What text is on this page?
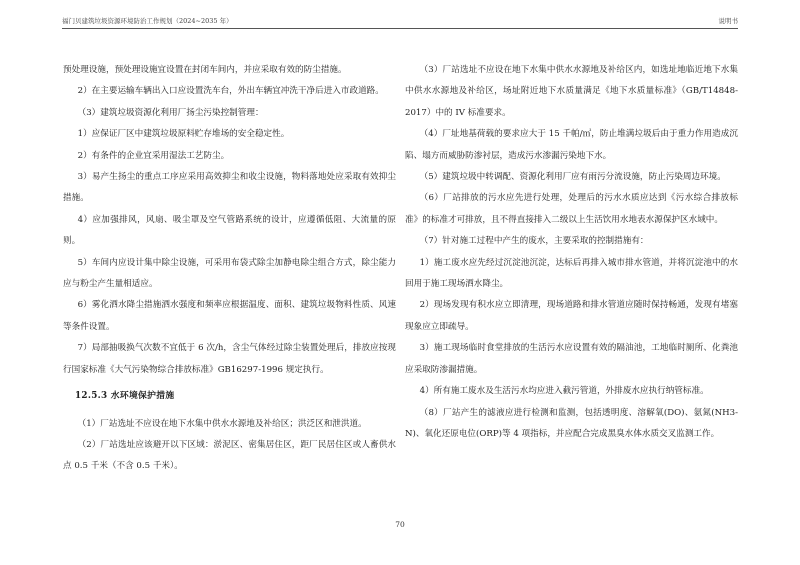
福门贝建筑垃圾资源环境防治工作规划（2024~2035 年）	说明书

预处理设施，预处理设施宜设置在封闭车间内，并应采取有效的防尘措施。

2）在主要运输车辆出入口应设置洗车台，外出车辆宜冲洗干净后进入市政道路。

（3）建筑垃圾资源化利用厂扬尘污染控制管理：

1）应保证厂区中建筑垃圾原料贮存堆场的安全稳定性。

2）有条件的企业宜采用湿法工艺防尘。

3）易产生扬尘的重点工序应采用高效抑尘和收尘设施，物料落地处应采取有效抑尘措施。

4）应加强排风，风扇、吸尘罩及空气管路系统的设计，应遵循低阻、大流量的原则。

5）车间内应设计集中除尘设施，可采用布袋式除尘加静电除尘组合方式，除尘能力应与粉尘产生量相适应。

6）雾化洒水降尘措施洒水强度和频率应根据温度、面积、建筑垃圾物料性质、风速等条件设置。

7）局部抽吸换气次数不宜低于 6 次/h，含尘气体经过除尘装置处理后，排放应按现行国家标准《大气污染物综合排放标准》GB16297-1996 规定执行。

12.5.3 水环境保护措施

（1）厂站选址不应设在地下水集中供水水源地及补给区；洪泛区和泄洪道。

（2）厂站选址应该避开以下区域：淤泥区、密集居住区，距厂民居住区或人畜供水点 0.5 千米（不含 0.5 千米）。

（3）厂站选址不应设在地下水集中供水水源地及补给区内，如选址地临近地下水集中供水水源地及补给区，场址附近地下水质量满足《地下水质量标准》（GB/T14848-2017）中的 IV 标准要求。

（4）厂址地基荷载的要求应大于 15 千帕/㎡，防止堆满垃圾后由于重力作用造成沉陷、塌方而威胁防渗衬层，造成污水渗漏污染地下水。

（5）建筑垃圾中转调配、资源化利用厂应有雨污分流设施，防止污染周边环境。

（6）厂站排放的污水应先进行处理，处理后的污水水质应达到《污水综合排放标准》的标准才可排放，且不得直接排入二级以上生活饮用水地表水源保护区水域中。

（7）针对施工过程中产生的废水，主要采取的控制措施有：

1）施工废水应先经过沉淀池沉淀，达标后再排入城市排水管道，并将沉淀池中的水回用于施工现场洒水降尘。

2）现场发现有积水应立即清理，现场道路和排水管道应随时保持畅通，发现有堵塞现象应立即疏导。

3）施工现场临时食堂排放的生活污水应设置有效的隔油池，工地临时厕所、化粪池应采取防渗漏措施。

4）所有施工废水及生活污水均应进入截污管道，外排废水应执行纳管标准。

（8）厂站产生的滤液应进行检测和监测，包括透明度、溶解氧(DO)、氨氮(NH3-N)、氧化还原电位(ORP)等 4 项指标，并应配合完成黑臭水体水质交叉监测工作。

70
